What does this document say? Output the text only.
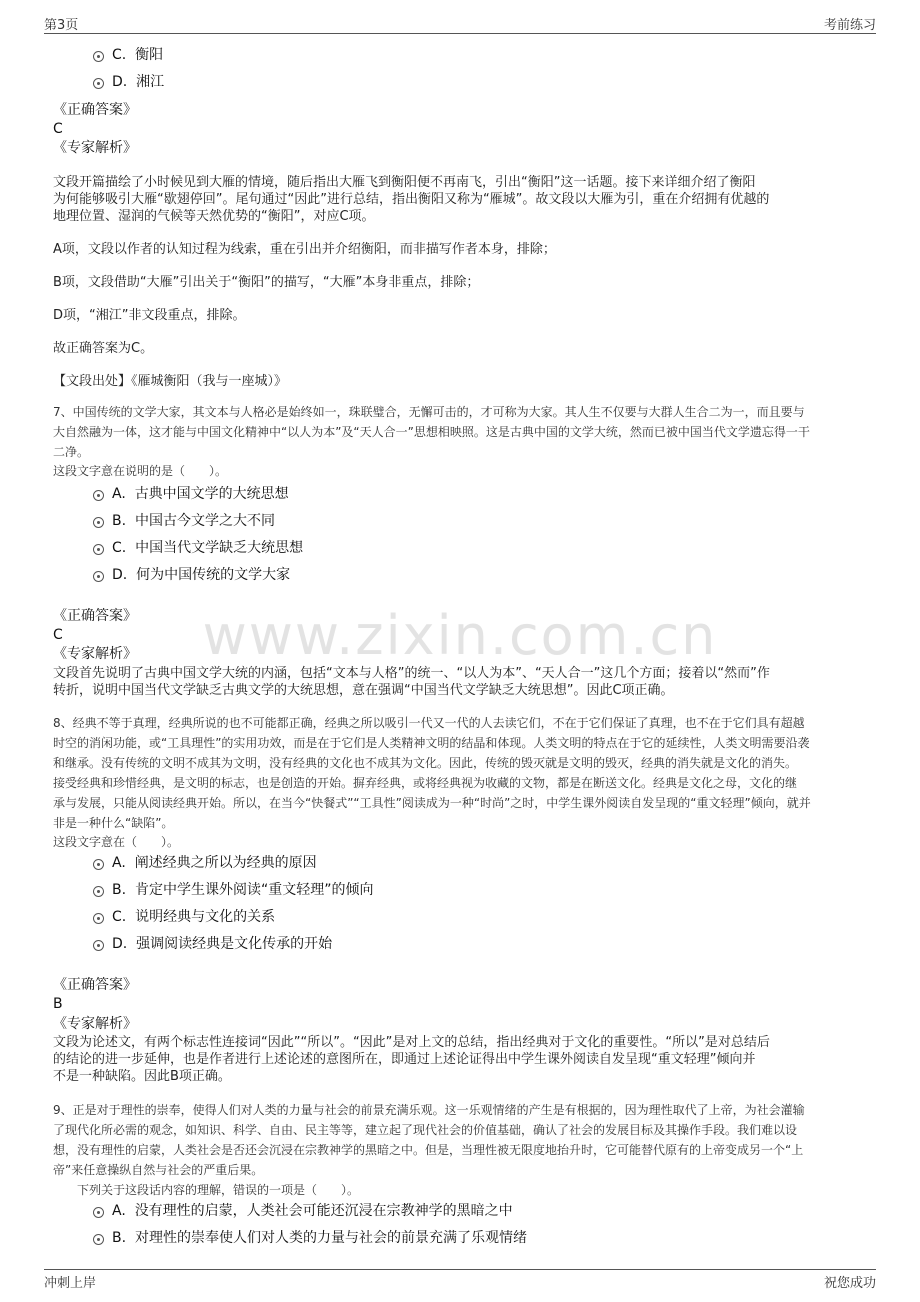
第3页	考前练习
冲刺上岸	祝您成功
www.zixin.com.cn
C. 衡阳
D. 湘江
《正确答案》
C
《专家解析》
文段开篇描绘了小时候见到大雁的情境，随后指出大雁飞到衡阳便不再南飞，引出“衡阳”这一话题。接下来详细介绍了衡阳
为何能够吸引大雁“歇翅停回”。尾句通过“因此”进行总结，指出衡阳又称为“雁城”。故文段以大雁为引，重在介绍拥有优越的
地理位置、湿润的气候等天然优势的“衡阳”，对应C项。
A项，文段以作者的认知过程为线索，重在引出并介绍衡阳，而非描写作者本身，排除；
B项，文段借助“大雁”引出关于“衡阳”的描写，“大雁”本身非重点，排除；
D项，“湘江”非文段重点，排除。
故正确答案为C。
【文段出处】《雁城衡阳（我与一座城）》
7、中国传统的文学大家，其文本与人格必是始终如一，珠联璧合，无懈可击的，才可称为大家。其人生不仅要与大群人生合二为一，而且要与
大自然融为一体，这才能与中国文化精神中“以人为本”及“天人合一”思想相映照。这是古典中国的文学大统，然而已被中国当代文学遗忘得一干
二净。
这段文字意在说明的是（　　）。
A. 古典中国文学的大统思想
B. 中国古今文学之大不同
C. 中国当代文学缺乏大统思想
D. 何为中国传统的文学大家
《正确答案》
C
《专家解析》
文段首先说明了古典中国文学大统的内涵，包括“文本与人格”的统一、“以人为本”、“天人合一”这几个方面；接着以“然而”作
转折，说明中国当代文学缺乏古典文学的大统思想，意在强调“中国当代文学缺乏大统思想”。因此C项正确。
8、经典不等于真理，经典所说的也不可能都正确，经典之所以吸引一代又一代的人去读它们，不在于它们保证了真理，也不在于它们具有超越
时空的消闲功能，或“工具理性”的实用功效，而是在于它们是人类精神文明的结晶和体现。人类文明的特点在于它的延续性，人类文明需要沿袭
和继承。没有传统的文明不成其为文明，没有经典的文化也不成其为文化。因此，传统的毁灭就是文明的毁灭，经典的消失就是文化的消失。
接受经典和珍惜经典，是文明的标志，也是创造的开始。摒弃经典，或将经典视为收藏的文物，都是在断送文化。经典是文化之母，文化的继
承与发展，只能从阅读经典开始。所以，在当今“快餐式”“工具性”阅读成为一种“时尚”之时，中学生课外阅读自发呈现的“重文轻理”倾向，就并
非是一种什么“缺陷”。
这段文字意在（　　）。
A. 阐述经典之所以为经典的原因
B. 肯定中学生课外阅读“重文轻理”的倾向
C. 说明经典与文化的关系
D. 强调阅读经典是文化传承的开始
《正确答案》
B
《专家解析》
文段为论述文，有两个标志性连接词“因此”“所以”。“因此”是对上文的总结，指出经典对于文化的重要性。“所以”是对总结后
的结论的进一步延伸，也是作者进行上述论述的意图所在，即通过上述论证得出中学生课外阅读自发呈现“重文轻理”倾向并
不是一种缺陷。因此B项正确。
9、正是对于理性的崇奉，使得人们对人类的力量与社会的前景充满乐观。这一乐观情绪的产生是有根据的，因为理性取代了上帝，为社会灌输
了现代化所必需的观念，如知识、科学、自由、民主等等，建立起了现代社会的价值基础，确认了社会的发展目标及其操作手段。我们难以设
想，没有理性的启蒙，人类社会是否还会沉浸在宗教神学的黑暗之中。但是，当理性被无限度地抬升时，它可能替代原有的上帝变成另一个“上
帝”来任意操纵自然与社会的严重后果。
　　下列关于这段话内容的理解，错误的一项是（　　）。
A. 没有理性的启蒙，人类社会可能还沉浸在宗教神学的黑暗之中
B. 对理性的崇奉使人们对人类的力量与社会的前景充满了乐观情绪
